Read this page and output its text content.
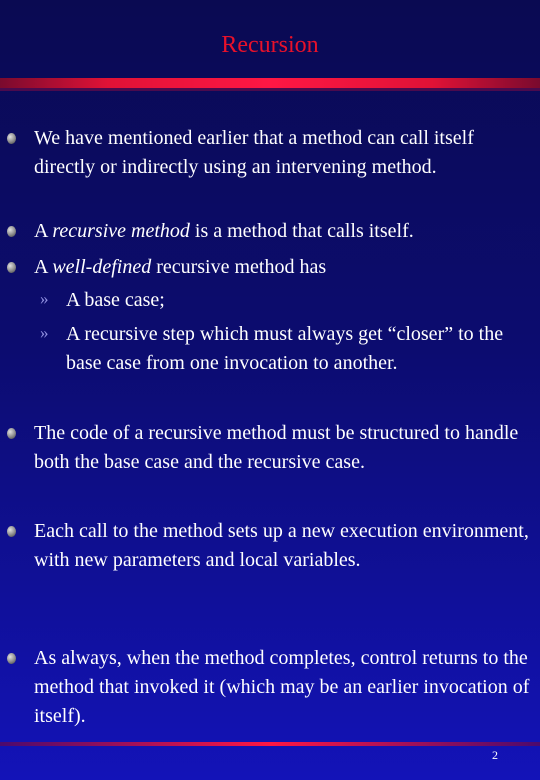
Recursion
We have mentioned earlier that a method can call itself directly or indirectly using an intervening method.
A recursive method is a method that calls itself.
A well-defined recursive method has
» A base case;
» A recursive step which must always get “closer” to the base case from one invocation to another.
The code of a recursive method must be structured to handle both the base case and the recursive case.
Each call to the method sets up a new execution environment, with new parameters and local variables.
As always, when the method completes, control returns to the method that invoked it (which may be an earlier invocation of itself).
2
